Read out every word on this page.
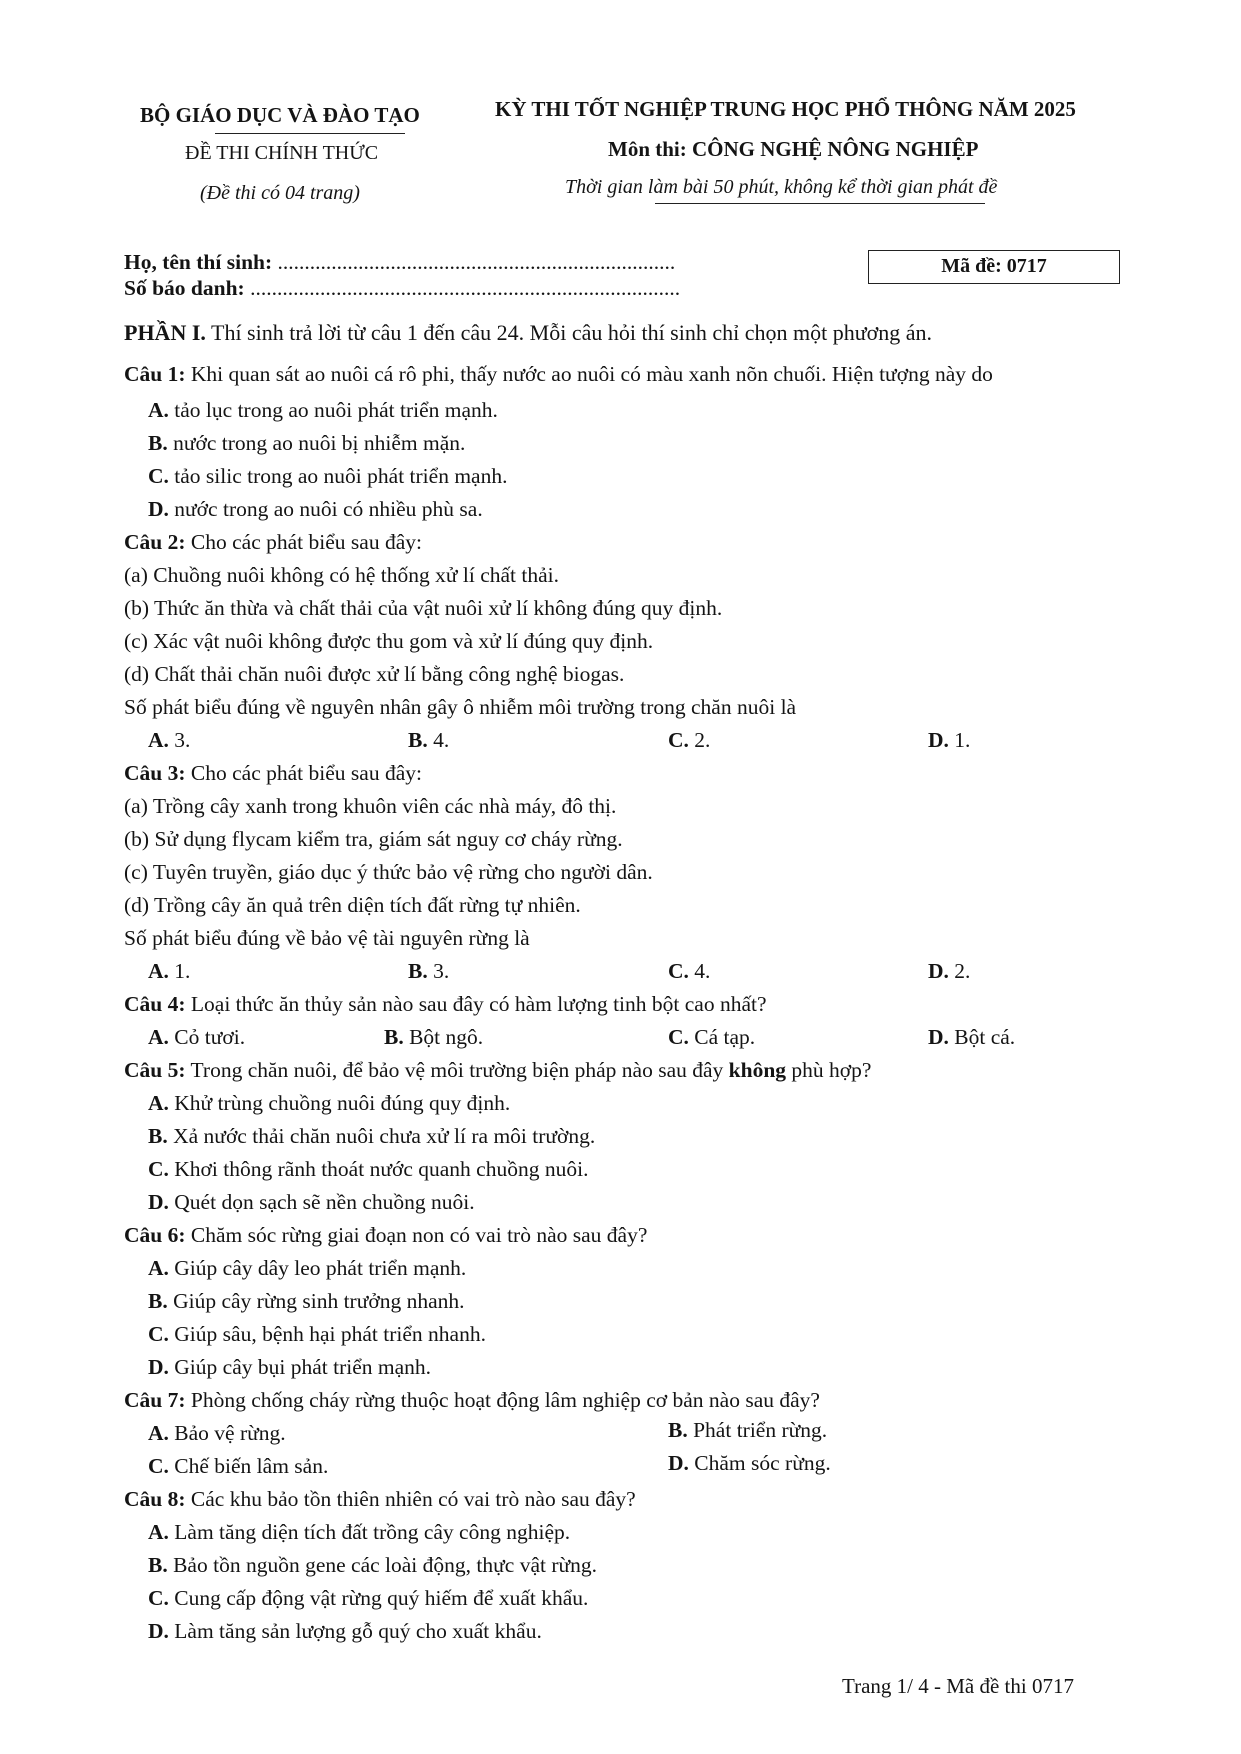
BỘ GIÁO DỤC VÀ ĐÀO TẠO
ĐỀ THI CHÍNH THỨC
(Đề thi có 04 trang)
KỲ THI TỐT NGHIỆP TRUNG HỌC PHỔ THÔNG NĂM 2025
Môn thi: CÔNG NGHỆ NÔNG NGHIỆP
Thời gian làm bài 50 phút, không kể thời gian phát đề
Họ, tên thí sinh: ..........................................................................
Số báo danh: ................................................................................
Mã đề: 0717
PHẦN I. Thí sinh trả lời từ câu 1 đến câu 24. Mỗi câu hỏi thí sinh chỉ chọn một phương án.
Câu 1: Khi quan sát ao nuôi cá rô phi, thấy nước ao nuôi có màu xanh nõn chuối. Hiện tượng này do
A. tảo lục trong ao nuôi phát triển mạnh.
B. nước trong ao nuôi bị nhiễm mặn.
C. tảo silic trong ao nuôi phát triển mạnh.
D. nước trong ao nuôi có nhiều phù sa.
Câu 2: Cho các phát biểu sau đây:
(a) Chuồng nuôi không có hệ thống xử lí chất thải.
(b) Thức ăn thừa và chất thải của vật nuôi xử lí không đúng quy định.
(c) Xác vật nuôi không được thu gom và xử lí đúng quy định.
(d) Chất thải chăn nuôi được xử lí bằng công nghệ biogas.
Số phát biểu đúng về nguyên nhân gây ô nhiễm môi trường trong chăn nuôi là
A. 3.	B. 4.	C. 2.	D. 1.
Câu 3: Cho các phát biểu sau đây:
(a) Trồng cây xanh trong khuôn viên các nhà máy, đô thị.
(b) Sử dụng flycam kiểm tra, giám sát nguy cơ cháy rừng.
(c) Tuyên truyền, giáo dục ý thức bảo vệ rừng cho người dân.
(d) Trồng cây ăn quả trên diện tích đất rừng tự nhiên.
Số phát biểu đúng về bảo vệ tài nguyên rừng là
A. 1.	B. 3.	C. 4.	D. 2.
Câu 4: Loại thức ăn thủy sản nào sau đây có hàm lượng tinh bột cao nhất?
A. Cỏ tươi.	B. Bột ngô.	C. Cá tạp.	D. Bột cá.
Câu 5: Trong chăn nuôi, để bảo vệ môi trường biện pháp nào sau đây không phù hợp?
A. Khử trùng chuồng nuôi đúng quy định.
B. Xả nước thải chăn nuôi chưa xử lí ra môi trường.
C. Khơi thông rãnh thoát nước quanh chuồng nuôi.
D. Quét dọn sạch sẽ nền chuồng nuôi.
Câu 6: Chăm sóc rừng giai đoạn non có vai trò nào sau đây?
A. Giúp cây dây leo phát triển mạnh.
B. Giúp cây rừng sinh trưởng nhanh.
C. Giúp sâu, bệnh hại phát triển nhanh.
D. Giúp cây bụi phát triển mạnh.
Câu 7: Phòng chống cháy rừng thuộc hoạt động lâm nghiệp cơ bản nào sau đây?
A. Bảo vệ rừng.	B. Phát triển rừng.
C. Chế biến lâm sản.	D. Chăm sóc rừng.
Câu 8: Các khu bảo tồn thiên nhiên có vai trò nào sau đây?
A. Làm tăng diện tích đất trồng cây công nghiệp.
B. Bảo tồn nguồn gene các loài động, thực vật rừng.
C. Cung cấp động vật rừng quý hiếm để xuất khẩu.
D. Làm tăng sản lượng gỗ quý cho xuất khẩu.
Trang 1/ 4 - Mã đề thi 0717
